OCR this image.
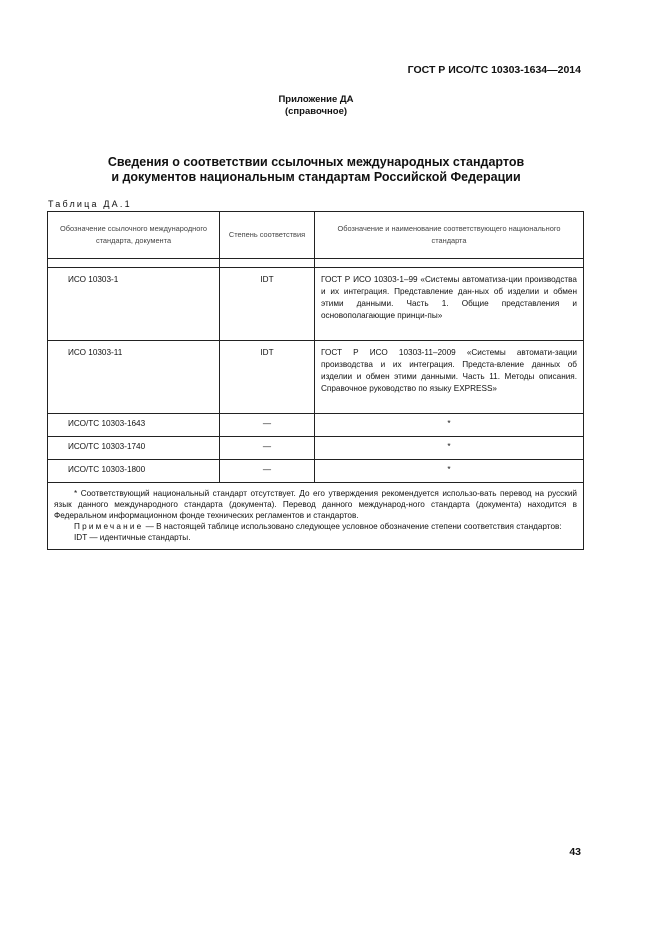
ГОСТ Р ИСО/ТС 10303-1634—2014
Приложение ДА
(справочное)
Сведения о соответствии ссылочных международных стандартов
и документов национальным стандартам Российской Федерации
Таблица ДА.1
Обозначение ссылочного международного стандарта, документа	Степень соответствия	Обозначение и наименование соответствующего национального стандарта

ИСО 10303-1	IDT	ГОСТ Р ИСО 10303-1–99 «Системы автоматиза-ции производства и их интеграция. Представление дан-ных об изделии и обмен этими данными. Часть 1. Общие представления и основополагающие принци-пы»
ИСО 10303-11	IDT	ГОСТ Р ИСО 10303-11–2009 «Системы автомати-зации производства и их интеграция. Предста-вление данных об изделии и обмен этими данными. Часть 11. Методы описания. Справочное руководство по языку EXPRESS»
ИСО/ТС 10303-1643	—	*
ИСО/ТС 10303-1740	—	*
ИСО/ТС 10303-1800	—	*

* Соответствующий национальный стандарт отсутствует. До его утверждения рекомендуется использо-вать перевод на русский язык данного международного стандарта (документа). Перевод данного международ-ного стандарта (документа) находится в Федеральном информационном фонде технических регламентов и стандартов.

Примечание — В настоящей таблице использовано следующее условное обозначение степени соответствия стандартов:

IDT — идентичные стандарты.		

43
